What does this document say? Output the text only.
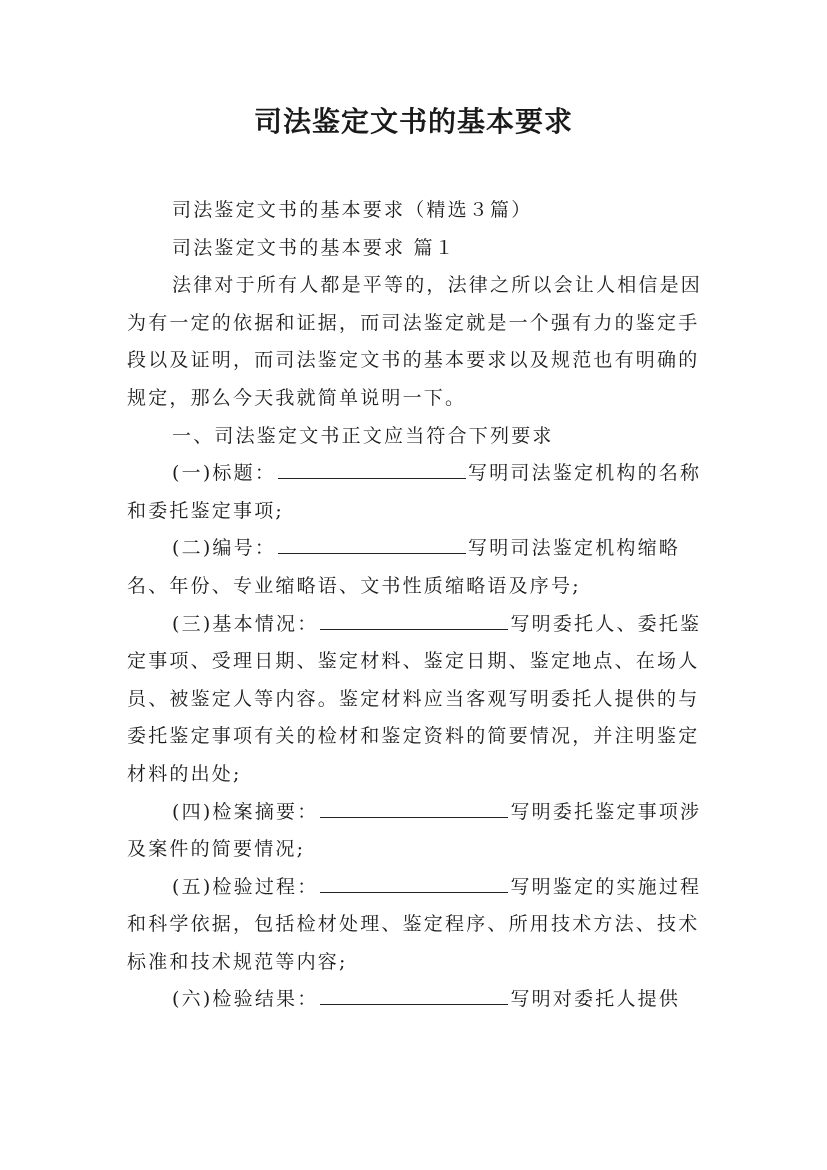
司法鉴定文书的基本要求

司法鉴定文书的基本要求（精选３篇）

司法鉴定文书的基本要求 篇１

法律对于所有人都是平等的，法律之所以会让人相信是因为有一定的依据和证据，而司法鉴定就是一个强有力的鉴定手段以及证明，而司法鉴定文书的基本要求以及规范也有明确的规定，那么今天我就简单说明一下。

一、司法鉴定文书正文应当符合下列要求

(一)标题：	写明司法鉴定机构的名称和委托鉴定事项;

(二)编号：	写明司法鉴定机构缩略名、年份、专业缩略语、文书性质缩略语及序号;

(三)基本情况：	写明委托人、委托鉴定事项、受理日期、鉴定材料、鉴定日期、鉴定地点、在场人员、被鉴定人等内容。鉴定材料应当客观写明委托人提供的与委托鉴定事项有关的检材和鉴定资料的简要情况，并注明鉴定材料的出处;

(四)检案摘要：	写明委托鉴定事项涉及案件的简要情况;

(五)检验过程：	写明鉴定的实施过程和科学依据，包括检材处理、鉴定程序、所用技术方法、技术标准和技术规范等内容;

(六)检验结果：	写明对委托人提供
